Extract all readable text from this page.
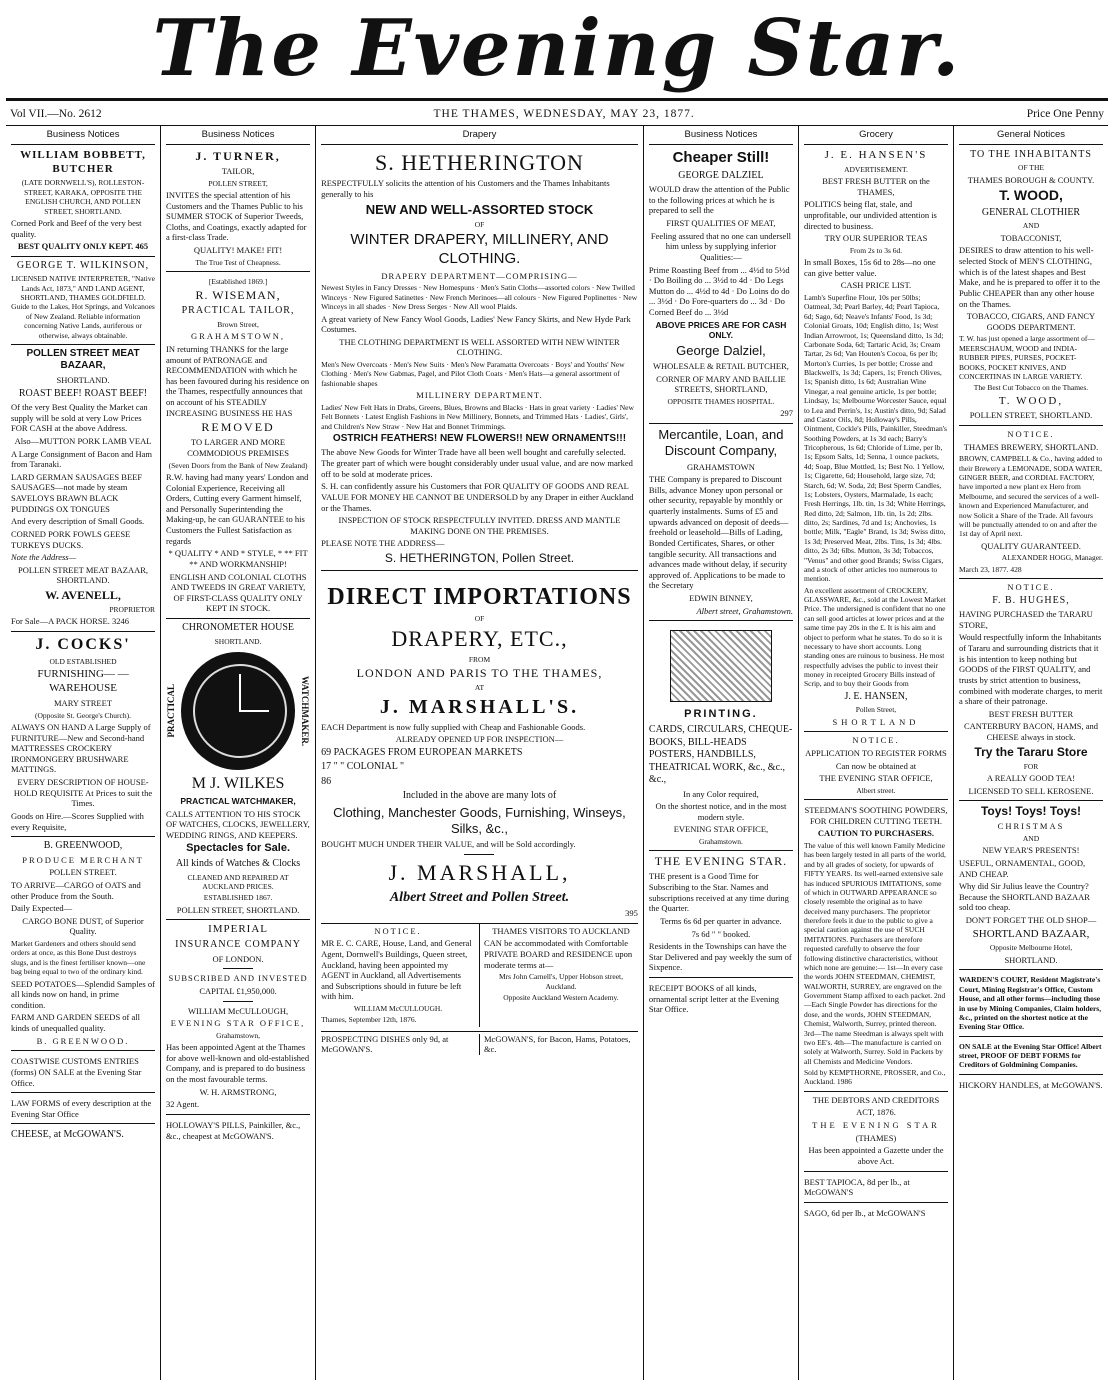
The Evening Star.
Vol VII.—No. 2612	THE THAMES, WEDNESDAY, MAY 23, 1877.	Price One Penny
Business Notices
WILLIAM BOBBETT, BUTCHER

(LATE DORNWELL'S), ROLLESTON-STREET, KARAKA, OPPOSITE THE ENGLISH CHURCH, AND POLLEN STREET, SHORTLAND.

Corned Pork and Beef of the very best quality.

BEST QUALITY ONLY KEPT. 465

GEORGE T. WILKINSON,

LICENSED NATIVE INTERPRETER, "Native Lands Act, 1873," AND LAND AGENT, SHORTLAND, THAMES GOLDFIELD. Guide to the Lakes, Hot Springs, and Volcanoes of New Zealand. Reliable information concerning Native Lands, auriferous or otherwise, always obtainable.

POLLEN STREET MEAT BAZAAR,

SHORTLAND.

ROAST BEEF! ROAST BEEF!

Of the very Best Quality the Market can supply will be sold at very Low Prices FOR CASH at the above Address.

Also—MUTTON PORK LAMB VEAL

A Large Consignment of Bacon and Ham from Taranaki.

LARD GERMAN SAUSAGES BEEF SAUSAGES—not made by steam SAVELOYS BRAWN BLACK PUDDINGS OX TONGUES

And every description of Small Goods.

CORNED PORK FOWLS GEESE TURKEYS DUCKS.

Note the Address—

POLLEN STREET MEAT BAZAAR, SHORTLAND.

W. AVENELL,

PROPRIETOR

For Sale—A PACK HORSE. 3246

J. COCKS'

OLD ESTABLISHED

FURNISHING— —WAREHOUSE

MARY STREET

(Opposite St. George's Church).

ALWAYS ON HAND A Large Supply of FURNITURE—New and Second-hand MATTRESSES CROCKERY IRONMONGERY BRUSHWARE MATTINGS.

EVERY DESCRIPTION OF HOUSE-HOLD REQUISITE At Prices to suit the Times.

Goods on Hire.—Scores Supplied with every Requisite,

B. GREENWOOD,

PRODUCE MERCHANT

POLLEN STREET.

TO ARRIVE—CARGO of OATS and other Produce from the South.

Daily Expected—

CARGO BONE DUST, of Superior Quality.

Market Gardeners and others should send orders at once, as this Bone Dust destroys slugs, and is the finest fertiliser known—one bag being equal to two of the ordinary kind.

SEED POTATOES—Splendid Samples of all kinds now on hand, in prime condition.

FARM AND GARDEN SEEDS of all kinds of unequalled quality.

B. GREENWOOD.

COASTWISE CUSTOMS ENTRIES (forms) ON SALE at the Evening Star Office.

LAW FORMS of every description at the Evening Star Office

CHEESE, at McGOWAN'S.

Business Notices
J. TURNER,

TAILOR,

POLLEN STREET,

INVITES the special attention of his Customers and the Thames Public to his SUMMER STOCK of Superior Tweeds, Cloths, and Coatings, exactly adapted for a first-class Trade.

QUALITY! MAKE! FIT!

The True Test of Cheapness.

[Established 1869.]

R. WISEMAN,

PRACTICAL TAILOR,

Brown Street,

GRAHAMSTOWN,

IN returning THANKS for the large amount of PATRONAGE and RECOMMENDATION with which he has been favoured during his residence on the Thames, respectfully announces that on account of his STEADILY INCREASING BUSINESS HE HAS

REMOVED

TO LARGER AND MORE COMMODIOUS PREMISES

(Seven Doors from the Bank of New Zealand)

R.W. having had many years' London and Colonial Experience, Receiving all Orders, Cutting every Garment himself, and Personally Superintending the Making-up, he can GUARANTEE to his Customers the Fullest Satisfaction as regards

* QUALITY * AND * STYLE, * ** FIT ** AND WORKMANSHIP!

ENGLISH AND COLONIAL CLOTHS AND TWEEDS IN GREAT VARIETY, OF FIRST-CLASS QUALITY ONLY KEPT IN STOCK.

CHRONOMETER HOUSE

SHORTLAND.

PRACTICAL	WATCHMAKER.
M J. WILKES

PRACTICAL WATCHMAKER,

CALLS ATTENTION TO HIS STOCK OF WATCHES, CLOCKS, JEWELLERY, WEDDING RINGS, AND KEEPERS.

Spectacles for Sale.

All kinds of Watches & Clocks

CLEANED AND REPAIRED AT AUCKLAND PRICES.

ESTABLISHED 1867.

POLLEN STREET, SHORTLAND.

IMPERIAL

INSURANCE COMPANY

OF LONDON.

SUBSCRIBED AND INVESTED

CAPITAL £1,950,000.

WILLIAM McCULLOUGH,

EVENING STAR OFFICE,

Grahamstown,

Has been appointed Agent at the Thames for above well-known and old-established Company, and is prepared to do business on the most favourable terms.

W. H. ARMSTRONG,

32 Agent.

HOLLOWAY'S PILLS, Painkiller, &c., &c., cheapest at McGOWAN'S.

Drapery
S. HETHERINGTON

RESPECTFULLY solicits the attention of his Customers and the Thames Inhabitants generally to his

NEW AND WELL-ASSORTED STOCK

OF

WINTER DRAPERY, MILLINERY, AND CLOTHING.

DRAPERY DEPARTMENT—COMPRISING—

Newest Styles in Fancy Dresses · New Homespuns · Men's Satin Cloths—assorted colors · New Twilled Winceys · New Figured Satinettes · New French Merinoes—all colours · New Figured Poplinettes · New Winceys in all shades · New Dress Serges · New All wool Plaids.

A great variety of New Fancy Wool Goods, Ladies' New Fancy Skirts, and New Hyde Park Costumes.

THE CLOTHING DEPARTMENT IS WELL ASSORTED WITH NEW WINTER CLOTHING.

Men's New Overcoats · Men's New Suits · Men's New Paramatta Overcoats · Boys' and Youths' New Clothing · Men's New Gabmas, Pagel, and Pilot Cloth Coats · Men's Hats—a general assortment of fashionable shapes

MILLINERY DEPARTMENT.

Ladies' New Felt Hats in Drabs, Greens, Blues, Browns and Blacks · Hats in great variety · Ladies' New Felt Bonnets · Latest English Fashions in New Millinery, Bonnets, and Trimmed Hats · Ladies', Girls', and Children's New Straw · New Hat and Bonnet Trimmings.

OSTRICH FEATHERS! NEW FLOWERS!! NEW ORNAMENTS!!!

The above New Goods for Winter Trade have all been well bought and carefully selected. The greater part of which were bought considerably under usual value, and are now marked off to be sold at moderate prices.

S. H. can confidently assure his Customers that FOR QUALITY OF GOODS AND REAL VALUE FOR MONEY HE CANNOT BE UNDERSOLD by any Draper in either Auckland or the Thames.

INSPECTION OF STOCK RESPECTFULLY INVITED. DRESS AND MANTLE MAKING DONE ON THE PREMISES.

PLEASE NOTE THE ADDRESS—

S. HETHERINGTON, Pollen Street.

DIRECT IMPORTATIONS

OF

DRAPERY, ETC.,

FROM

LONDON AND PARIS TO THE THAMES,

AT

J. MARSHALL'S.

EACH Department is now fully supplied with Cheap and Fashionable Goods.

ALREADY OPENED UP FOR INSPECTION—

69 PACKAGES FROM EUROPEAN MARKETS

17 " " COLONIAL "

86

Included in the above are many lots of

Clothing, Manchester Goods, Furnishing, Winseys, Silks, &c.,

BOUGHT MUCH UNDER THEIR VALUE, and will be Sold accordingly.

J. MARSHALL,

Albert Street and Pollen Street.

395

NOTICE.

MR E. C. CARE, House, Land, and General Agent, Dornwell's Buildings, Queen street, Auckland, having been appointed my AGENT in Auckland, all Advertisements and Subscriptions should in future be left with him.

WILLIAM McCULLOUGH.

Thames, September 12th, 1876.

THAMES VISITORS TO AUCKLAND

CAN be accommodated with Comfortable PRIVATE BOARD and RESIDENCE upon moderate terms at—

Mrs John Carnell's, Upper Hobson street, Auckland.

Opposite Auckland Western Academy.

PROSPECTING DISHES only 9d, at McGOWAN'S.

McGOWAN'S, for Bacon, Hams, Potatoes, &c.

Business Notices
Cheaper Still!

GEORGE DALZIEL

WOULD draw the attention of the Public to the following prices at which he is prepared to sell the

FIRST QUALITIES OF MEAT,

Feeling assured that no one can undersell him unless by supplying inferior Qualities:—

Prime Roasting Beef from ... 4½d to 5½d · Do Boiling do ... 3½d to 4d · Do Legs Mutton do ... 4½d to 4d · Do Loins do do ... 3½d · Do Fore-quarters do ... 3d · Do Corned Beef do ... 3½d

ABOVE PRICES ARE FOR CASH ONLY.

George Dalziel,

WHOLESALE & RETAIL BUTCHER,

CORNER OF MARY AND BAILLIE STREETS, SHORTLAND,

OPPOSITE THAMES HOSPITAL.

297

Mercantile, Loan, and Discount Company,

GRAHAMSTOWN

THE Company is prepared to Discount Bills, advance Money upon personal or other security, repayable by monthly or quarterly instalments. Sums of £5 and upwards advanced on deposit of deeds—freehold or leasehold—Bills of Lading, Bonded Certificates, Shares, or other tangible security. All transactions and advances made without delay, if security approved of. Applications to be made to the Secretary

EDWIN BINNEY,

Albert street, Grahamstown.

PRINTING.

CARDS, CIRCULARS, CHEQUE-BOOKS, BILL-HEADS POSTERS, HANDBILLS, THEATRICAL WORK, &c., &c., &c.,

In any Color required,

On the shortest notice, and in the most modern style.

EVENING STAR OFFICE,

Grahamstown.

THE EVENING STAR.

THE present is a Good Time for Subscribing to the Star. Names and subscriptions received at any time during the Quarter.

Terms 6s 6d per quarter in advance.

7s 6d " " booked.

Residents in the Townships can have the Star Delivered and pay weekly the sum of Sixpence.

RECEIPT BOOKS of all kinds, ornamental script letter at the Evening Star Office.

Grocery
J. E. HANSEN'S

ADVERTISEMENT.

BEST FRESH BUTTER on the THAMES,

POLITICS being flat, stale, and unprofitable, our undivided attention is directed to business.

TRY OUR SUPERIOR TEAS

From 2s to 3s 6d.

In small Boxes, 15s 6d to 28s—no one can give better value.

CASH PRICE LIST.

Lamb's Superfine Flour, 10s per 50lbs; Oatmeal, 3d; Pearl Barley, 4d; Pearl Tapioca, 6d; Sago, 6d; Neave's Infants' Food, 1s 3d; Colonial Groats, 10d; English ditto, 1s; West Indian Arrowroot, 1s; Queensland ditto, 1s 3d; Carbonate Soda, 6d; Tartaric Acid, 3s; Cream Tartar, 2s 6d; Van Houten's Cocoa, 6s per lb; Morton's Curries, 1s per bottle; Crosse and Blackwell's, 1s 3d; Capers, 1s; French Olives, 1s; Spanish ditto, 1s 6d; Australian Wine Vinegar, a real genuine article, 1s per bottle; Lindsay, 1s; Melbourne Worcester Sauce, equal to Lea and Perrin's, 1s; Austin's ditto, 9d; Salad and Castor Oils, 8d; Holloway's Pills, Ointment, Cockle's Pills, Painkiller, Steedman's Soothing Powders, at 1s 3d each; Barry's Tricopherous, 1s 6d; Chloride of Lime, per lb, 1s; Epsom Salts, 1d; Senna, 1 ounce packets, 4d; Soap, Blue Mottled, 1s; Best No. 1 Yellow, 1s; Cigarette, 6d; Household, large size, 7d; Starch, 6d; W. Soda, 2d; Best Sperm Candles, 1s; Lobsters, Oysters, Marmalade, 1s each; Fresh Herrings, 1lb. tin, 1s 3d; White Herrings, Red ditto, 2d; Salmon, 1lb. tin, 1s 2d; 2lbs. ditto, 2s; Sardines, 7d and 1s; Anchovies, 1s bottle; Milk, "Eagle" Brand, 1s 3d; Swiss ditto, 1s 3d; Preserved Meat, 2lbs. Tins, 1s 3d; 4lbs. ditto, 2s 3d; 6lbs. Mutton, 3s 3d; Tobaccos, "Venus" and other good Brands; Swiss Cigars, and a stock of other articles too numerous to mention.

An excellent assortment of CROCKERY, GLASSWARE, &c., sold at the Lowest Market Price. The undersigned is confident that no one can sell good articles at lower prices and at the same time pay 20s in the £. It is his aim and object to perform what he states. To do so it is necessary to have short accounts. Long standing ones are ruinous to business. He most respectfully advises the public to invest their money in receipted Grocery Bills instead of Scrip, and to buy their Goods from

J. E. HANSEN,

Pollen Street,

SHORTLAND

NOTICE.

APPLICATION TO REGISTER FORMS

Can now be obtained at

THE EVENING STAR OFFICE,

Albert street.

STEEDMAN'S SOOTHING POWDERS, FOR CHILDREN CUTTING TEETH.

CAUTION TO PURCHASERS.

The value of this well known Family Medicine has been largely tested in all parts of the world, and by all grades of society, for upwards of FIFTY YEARS. Its well-earned extensive sale has induced SPURIOUS IMITATIONS, some of which in OUTWARD APPEARANCE so closely resemble the original as to have deceived many purchasers. The proprietor therefore feels it due to the public to give a special caution against the use of SUCH IMITATIONS. Purchasers are therefore requested carefully to observe the four following distinctive characteristics, without which none are genuine:— 1st—In every case the words JOHN STEEDMAN, CHEMIST, WALWORTH, SURREY, are engraved on the Government Stamp affixed to each packet. 2nd—Each Single Powder has directions for the dose, and the words, JOHN STEEDMAN, Chemist, Walworth, Surrey, printed thereon. 3rd—The name Steedman is always spelt with two EE's. 4th—The manufacture is carried on solely at Walworth, Surrey. Sold in Packets by all Chemists and Medicine Vendors.

Sold by KEMPTHORNE, PROSSER, and Co., Auckland. 1986

THE DEBTORS AND CREDITORS

ACT, 1876.

THE EVENING STAR

(THAMES)

Has been appointed a Gazette under the above Act.

BEST TAPIOCA, 8d per lb., at McGOWAN'S

SAGO, 6d per lb., at McGOWAN'S

General Notices
TO THE INHABITANTS

OF THE

THAMES BOROUGH & COUNTY.

T. WOOD,

GENERAL CLOTHIER

AND

TOBACCONIST,

DESIRES to draw attention to his well-selected Stock of MEN'S CLOTHING, which is of the latest shapes and Best Make, and he is prepared to offer it to the Public CHEAPER than any other house on the Thames.

TOBACCO, CIGARS, AND FANCY GOODS DEPARTMENT.

T. W. has just opened a large assortment of— MEERSCHAUM, WOOD and INDIA-RUBBER PIPES, PURSES, POCKET-BOOKS, POCKET KNIVES, AND CONCERTINAS IN LARGE VARIETY.

The Best Cut Tobacco on the Thames.

T. WOOD,

POLLEN STREET, SHORTLAND.

NOTICE.

THAMES BREWERY, SHORTLAND.

BROWN, CAMPBELL & Co., having added to their Brewery a LEMONADE, SODA WATER, GINGER BEER, and CORDIAL FACTORY, have imported a new plant ex Hero from Melbourne, and secured the services of a well-known and Experienced Manufacturer, and now Solicit a Share of the Trade. All favours will be punctually attended to on and after the 1st day of April next.

QUALITY GUARANTEED.

ALEXANDER HOGG, Manager.

March 23, 1877. 428

NOTICE.

F. B. HUGHES,

HAVING PURCHASED the TARARU STORE,

Would respectfully inform the Inhabitants of Tararu and surrounding districts that it is his intention to keep nothing but GOODS of the FIRST QUALITY, and trusts by strict attention to business, combined with moderate charges, to merit a share of their patronage.

BEST FRESH BUTTER

CANTERBURY BACON, HAMS, and CHEESE always in stock.

Try the Tararu Store

FOR

A REALLY GOOD TEA!

LICENSED TO SELL KEROSENE.

Toys! Toys! Toys!

CHRISTMAS

AND

NEW YEAR'S PRESENTS!

USEFUL, ORNAMENTAL, GOOD, AND CHEAP.

Why did Sir Julius leave the Country? Because the SHORTLAND BAZAAR sold too cheap.

DON'T FORGET THE OLD SHOP—

SHORTLAND BAZAAR,

Opposite Melbourne Hotel,

SHORTLAND.

WARDEN'S COURT, Resident Magistrate's Court, Mining Registrar's Office, Custom House, and all other forms—including those in use by Mining Companies, Claim holders, &c., printed on the shortest notice at the Evening Star Office.

ON SALE at the Evening Star Office! Albert street, PROOF OF DEBT FORMS for Creditors of Goldmining Companies.

HICKORY HANDLES, at McGOWAN'S.
